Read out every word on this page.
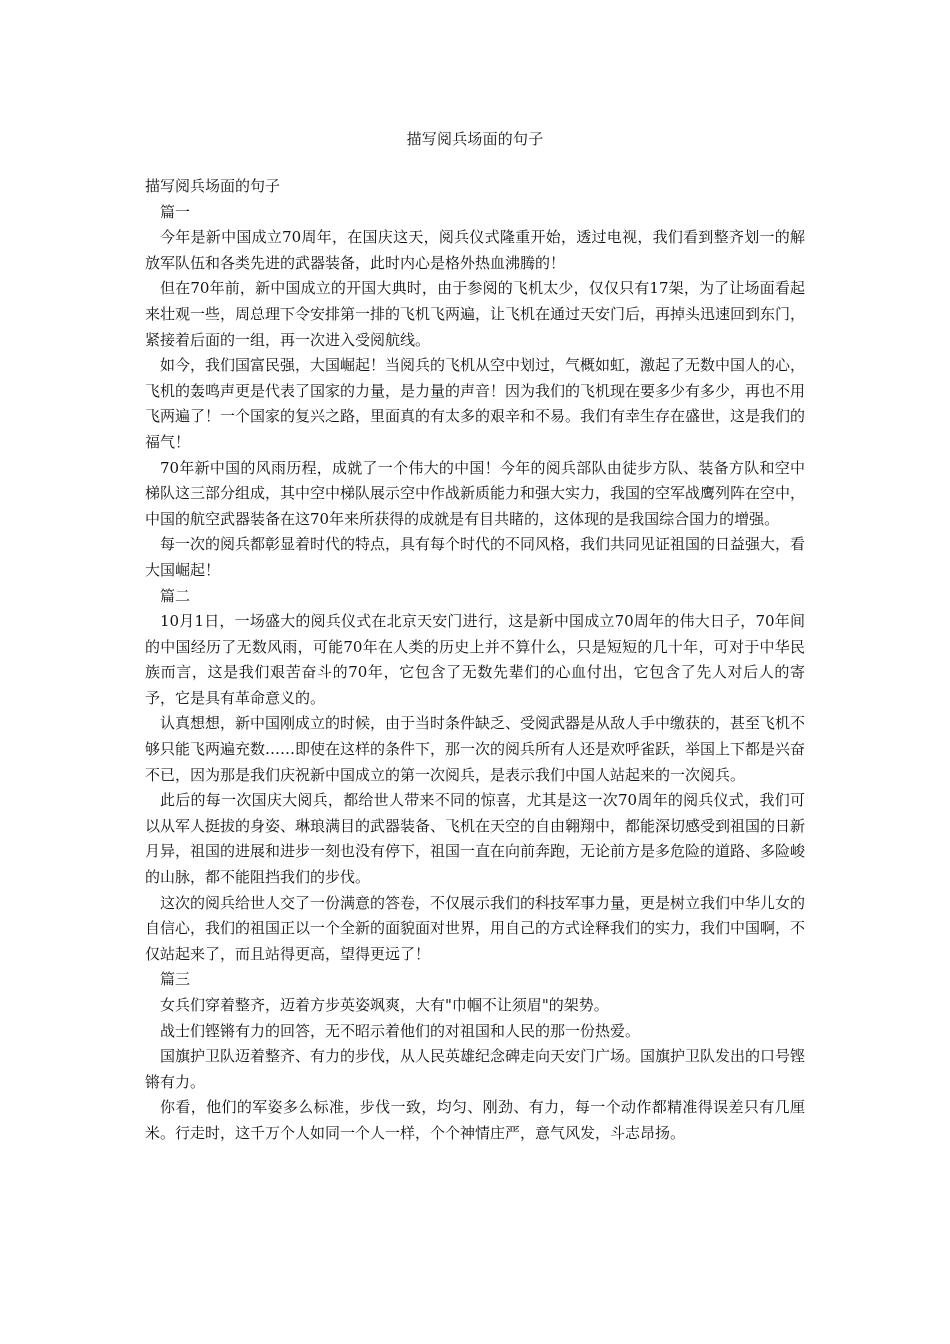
描写阅兵场面的句子

描写阅兵场面的句子

篇一

今年是新中国成立70周年，在国庆这天，阅兵仪式隆重开始，透过电视，我们看到整齐划一的解放军队伍和各类先进的武器装备，此时内心是格外热血沸腾的！

但在70年前，新中国成立的开国大典时，由于参阅的飞机太少，仅仅只有17架，为了让场面看起来壮观一些，周总理下令安排第一排的飞机飞两遍，让飞机在通过天安门后，再掉头迅速回到东门，紧接着后面的一组，再一次进入受阅航线。

如今，我们国富民强，大国崛起！当阅兵的飞机从空中划过，气概如虹，激起了无数中国人的心，飞机的轰鸣声更是代表了国家的力量，是力量的声音！因为我们的飞机现在要多少有多少，再也不用飞两遍了！一个国家的复兴之路，里面真的有太多的艰辛和不易。我们有幸生存在盛世，这是我们的福气！

70年新中国的风雨历程，成就了一个伟大的中国！今年的阅兵部队由徒步方队、装备方队和空中梯队这三部分组成，其中空中梯队展示空中作战新质能力和强大实力，我国的空军战鹰列阵在空中，中国的航空武器装备在这70年来所获得的成就是有目共睹的，这体现的是我国综合国力的增强。

每一次的阅兵都彰显着时代的特点，具有每个时代的不同风格，我们共同见证祖国的日益强大，看大国崛起！

篇二

10月1日，一场盛大的阅兵仪式在北京天安门进行，这是新中国成立70周年的伟大日子，70年间的中国经历了无数风雨，可能70年在人类的历史上并不算什么，只是短短的几十年，可对于中华民族而言，这是我们艰苦奋斗的70年，它包含了无数先辈们的心血付出，它包含了先人对后人的寄予，它是具有革命意义的。

认真想想，新中国刚成立的时候，由于当时条件缺乏、受阅武器是从敌人手中缴获的，甚至飞机不够只能飞两遍充数……即使在这样的条件下，那一次的阅兵所有人还是欢呼雀跃，举国上下都是兴奋不已，因为那是我们庆祝新中国成立的第一次阅兵，是表示我们中国人站起来的一次阅兵。

此后的每一次国庆大阅兵，都给世人带来不同的惊喜，尤其是这一次70周年的阅兵仪式，我们可以从军人挺拔的身姿、琳琅满目的武器装备、飞机在天空的自由翱翔中，都能深切感受到祖国的日新月异，祖国的进展和进步一刻也没有停下，祖国一直在向前奔跑，无论前方是多危险的道路、多险峻的山脉，都不能阻挡我们的步伐。

这次的阅兵给世人交了一份满意的答卷，不仅展示我们的科技军事力量，更是树立我们中华儿女的自信心，我们的祖国正以一个全新的面貌面对世界，用自己的方式诠释我们的实力，我们中国啊，不仅站起来了，而且站得更高，望得更远了！

篇三

女兵们穿着整齐，迈着方步英姿飒爽，大有"巾帼不让须眉"的架势。

战士们铿锵有力的回答，无不昭示着他们的对祖国和人民的那一份热爱。

国旗护卫队迈着整齐、有力的步伐，从人民英雄纪念碑走向天安门广场。国旗护卫队发出的口号铿锵有力。

你看，他们的军姿多么标准，步伐一致，均匀、刚劲、有力，每一个动作都精准得误差只有几厘米。行走时，这千万个人如同一个人一样，个个神情庄严，意气风发，斗志昂扬。
